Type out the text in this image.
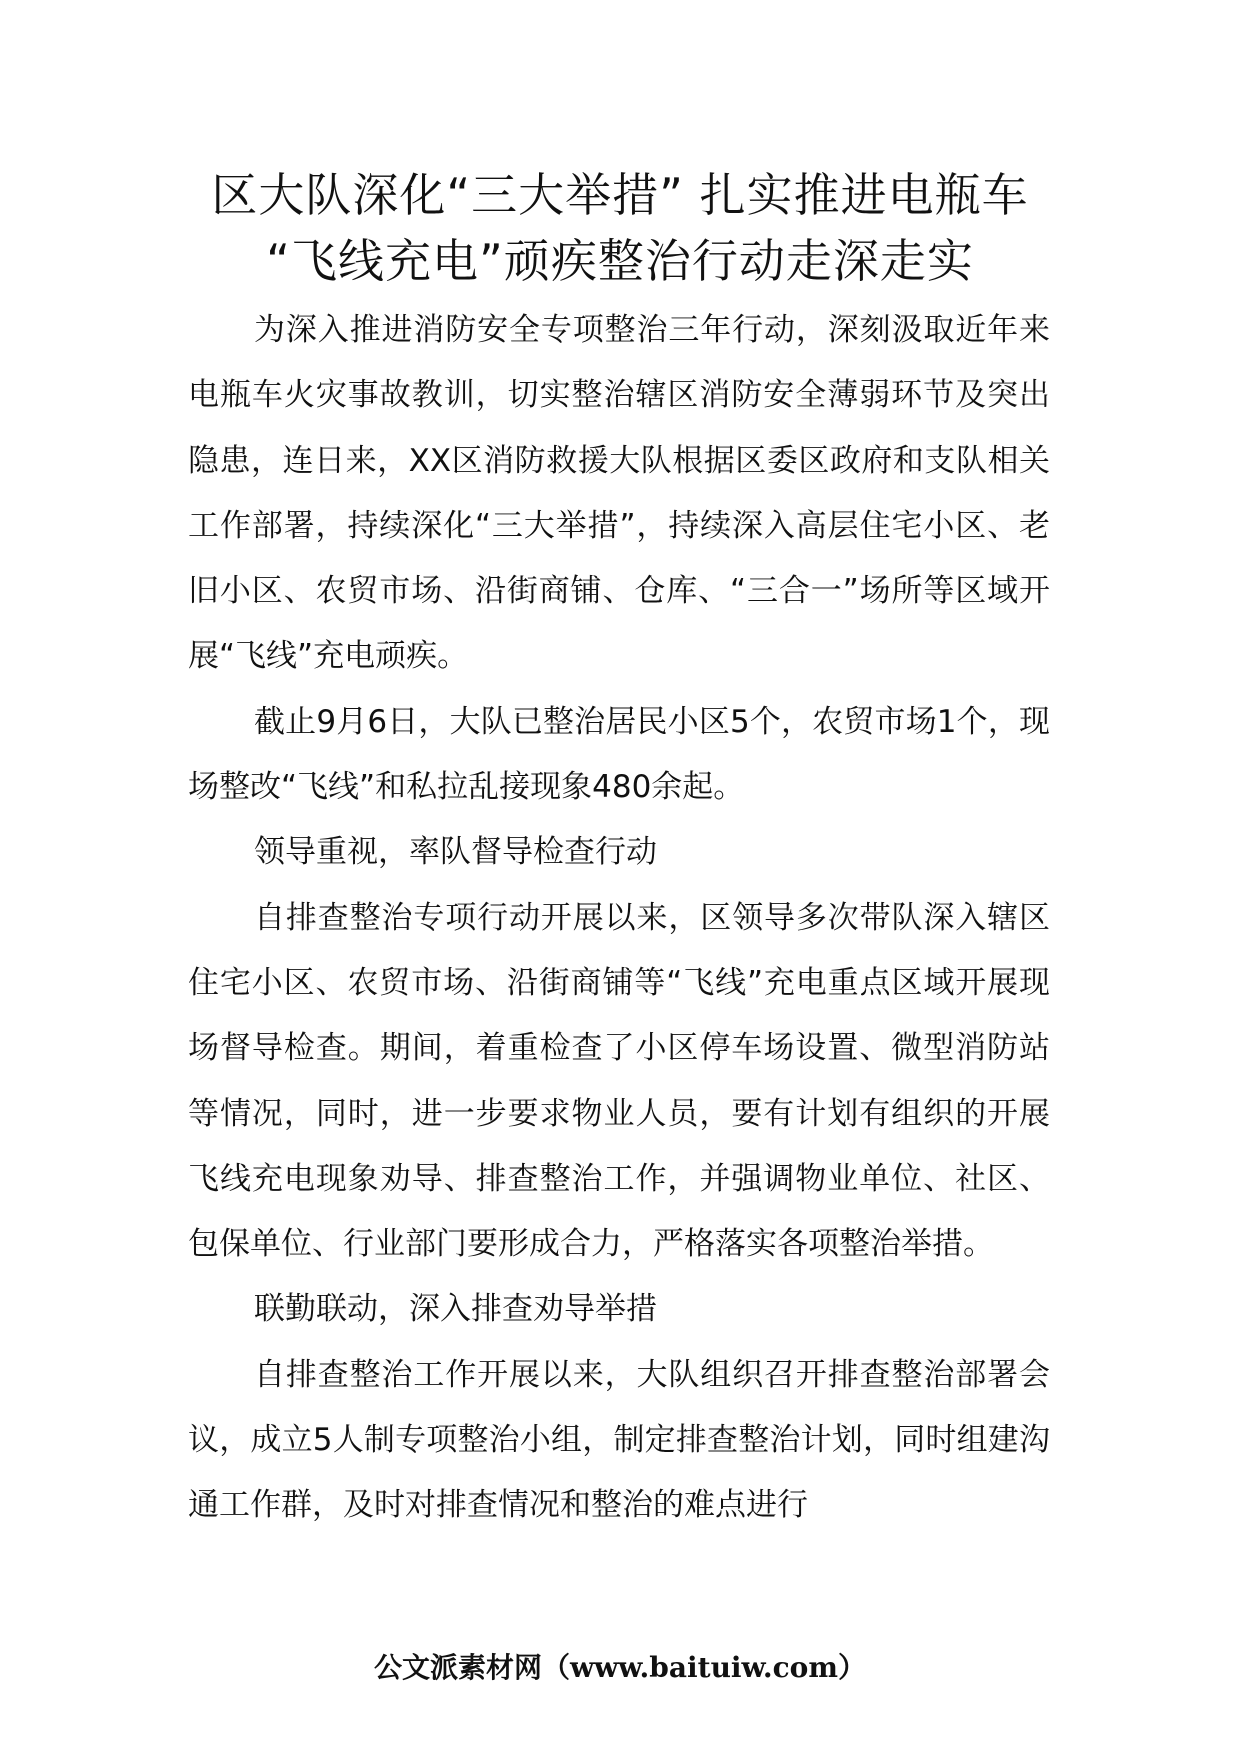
区大队深化“三大举措” 扎实推进电瓶车
“飞线充电”顽疾整治行动走深走实

为深入推进消防安全专项整治三年行动，深刻汲取近年来电瓶车火灾事故教训，切实整治辖区消防安全薄弱环节及突出隐患，连日来，XX区消防救援大队根据区委区政府和支队相关工作部署，持续深化“三大举措”，持续深入高层住宅小区、老旧小区、农贸市场、沿街商铺、仓库、“三合一”场所等区域开展“飞线”充电顽疾。

截止9月6日，大队已整治居民小区5个，农贸市场1个，现场整改“飞线”和私拉乱接现象480余起。

领导重视，率队督导检查行动

自排查整治专项行动开展以来，区领导多次带队深入辖区住宅小区、农贸市场、沿街商铺等“飞线”充电重点区域开展现场督导检查。期间，着重检查了小区停车场设置、微型消防站等情况，同时，进一步要求物业人员，要有计划有组织的开展飞线充电现象劝导、排查整治工作，并强调物业单位、社区、包保单位、行业部门要形成合力，严格落实各项整治举措。

联勤联动，深入排查劝导举措

自排查整治工作开展以来，大队组织召开排查整治部署会议，成立5人制专项整治小组，制定排查整治计划，同时组建沟通工作群，及时对排查情况和整治的难点进行

公文派素材网（www.baituiw.com）
